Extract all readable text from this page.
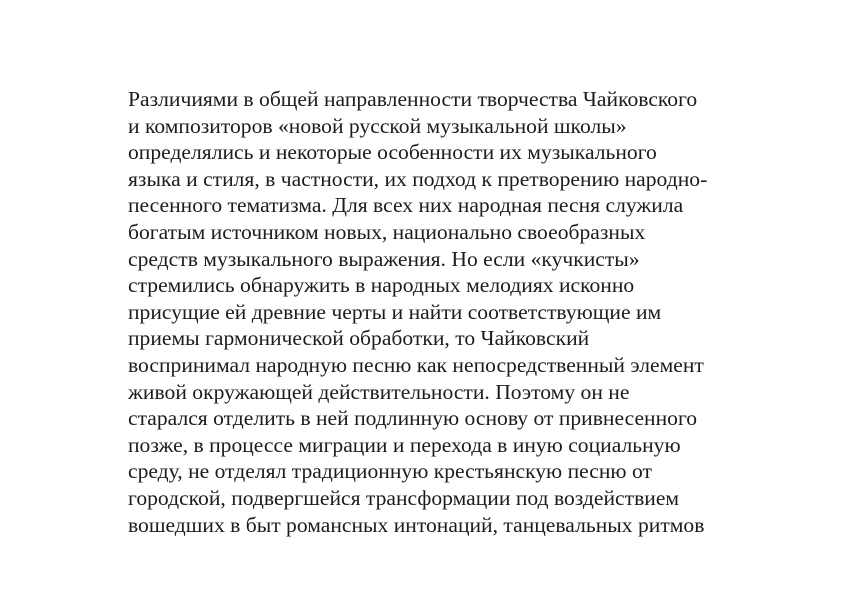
Различиями в общей направленности творчества Чайковского
и композиторов «новой русской музыкальной школы»
определялись и некоторые особенности их музыкального
языка и стиля, в частности, их подход к претворению народно-
песенного тематизма. Для всех них народная песня служила
богатым источником новых, национально своеобразных
средств музыкального выражения. Но если «кучкисты»
стремились обнаружить в народных мелодиях исконно
присущие ей древние черты и найти соответствующие им
приемы гармонической обработки, то Чайковский
воспринимал народную песню как непосредственный элемент
живой окружающей действительности. Поэтому он не
старался отделить в ней подлинную основу от привнесенного
позже, в процессе миграции и перехода в иную социальную
среду, не отделял традиционную крестьянскую песню от
городской, подвергшейся трансформации под воздействием
вошедших в быт романсных интонаций, танцевальных ритмов
